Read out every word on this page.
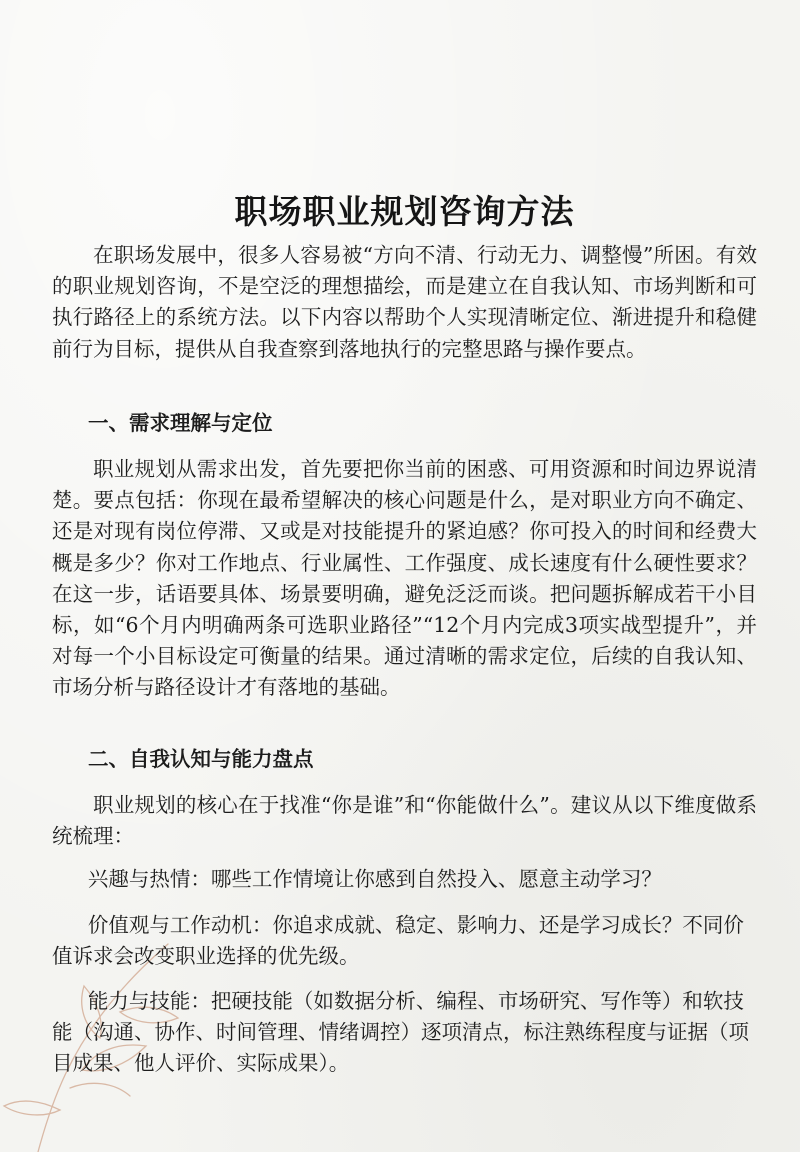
职场职业规划咨询方法

在职场发展中，很多人容易被“方向不清、行动无力、调整慢”所困。有效的职业规划咨询，不是空泛的理想描绘，而是建立在自我认知、市场判断和可执行路径上的系统方法。以下内容以帮助个人实现清晰定位、渐进提升和稳健前行为目标，提供从自我查察到落地执行的完整思路与操作要点。

一、需求理解与定位

职业规划从需求出发，首先要把你当前的困惑、可用资源和时间边界说清楚。要点包括：你现在最希望解决的核心问题是什么，是对职业方向不确定、还是对现有岗位停滞、又或是对技能提升的紧迫感？你可投入的时间和经费大概是多少？你对工作地点、行业属性、工作强度、成长速度有什么硬性要求？在这一步，话语要具体、场景要明确，避免泛泛而谈。把问题拆解成若干小目标，如“6个月内明确两条可选职业路径”“12个月内完成3项实战型提升”，并对每一个小目标设定可衡量的结果。通过清晰的需求定位，后续的自我认知、市场分析与路径设计才有落地的基础。

二、自我认知与能力盘点

职业规划的核心在于找准“你是谁”和“你能做什么”。建议从以下维度做系统梳理：

兴趣与热情：哪些工作情境让你感到自然投入、愿意主动学习？

价值观与工作动机：你追求成就、稳定、影响力、还是学习成长？不同价值诉求会改变职业选择的优先级。

能力与技能：把硬技能（如数据分析、编程、市场研究、写作等）和软技能（沟通、协作、时间管理、情绪调控）逐项清点，标注熟练程度与证据（项目成果、他人评价、实际成果）。
